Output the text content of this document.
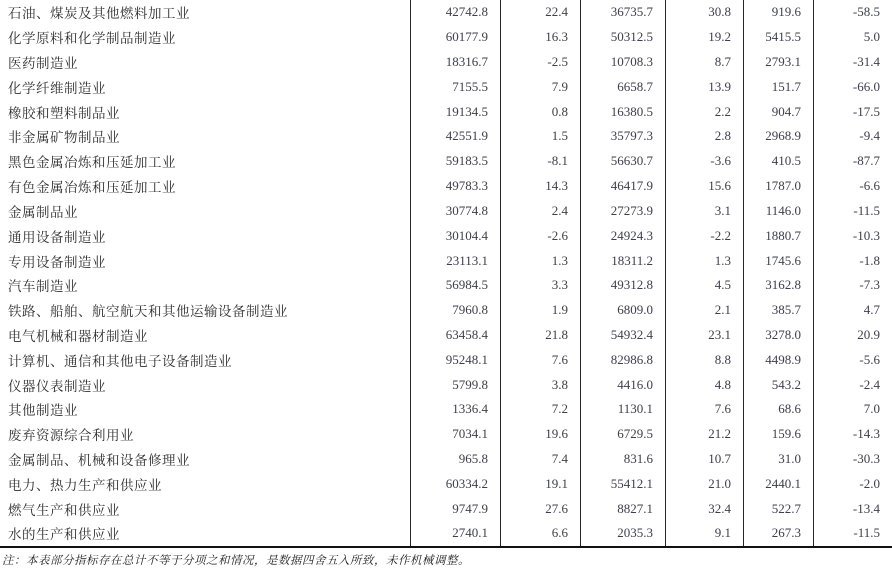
石油、煤炭及其他燃料加工业	42742.8	22.4	36735.7	30.8	919.6	-58.5
化学原料和化学制品制造业	60177.9	16.3	50312.5	19.2	5415.5	5.0
医药制造业	18316.7	-2.5	10708.3	8.7	2793.1	-31.4
化学纤维制造业	7155.5	7.9	6658.7	13.9	151.7	-66.0
橡胶和塑料制品业	19134.5	0.8	16380.5	2.2	904.7	-17.5
非金属矿物制品业	42551.9	1.5	35797.3	2.8	2968.9	-9.4
黑色金属冶炼和压延加工业	59183.5	-8.1	56630.7	-3.6	410.5	-87.7
有色金属冶炼和压延加工业	49783.3	14.3	46417.9	15.6	1787.0	-6.6
金属制品业	30774.8	2.4	27273.9	3.1	1146.0	-11.5
通用设备制造业	30104.4	-2.6	24924.3	-2.2	1880.7	-10.3
专用设备制造业	23113.1	1.3	18311.2	1.3	1745.6	-1.8
汽车制造业	56984.5	3.3	49312.8	4.5	3162.8	-7.3
铁路、船舶、航空航天和其他运输设备制造业	7960.8	1.9	6809.0	2.1	385.7	4.7
电气机械和器材制造业	63458.4	21.8	54932.4	23.1	3278.0	20.9
计算机、通信和其他电子设备制造业	95248.1	7.6	82986.8	8.8	4498.9	-5.6
仪器仪表制造业	5799.8	3.8	4416.0	4.8	543.2	-2.4
其他制造业	1336.4	7.2	1130.1	7.6	68.6	7.0
废弃资源综合利用业	7034.1	19.6	6729.5	21.2	159.6	-14.3
金属制品、机械和设备修理业	965.8	7.4	831.6	10.7	31.0	-30.3
电力、热力生产和供应业	60334.2	19.1	55412.1	21.0	2440.1	-2.0
燃气生产和供应业	9747.9	27.6	8827.1	32.4	522.7	-13.4
水的生产和供应业	2740.1	6.6	2035.3	9.1	267.3	-11.5
注：本表部分指标存在总计不等于分项之和情况，是数据四舍五入所致，未作机械调整。
